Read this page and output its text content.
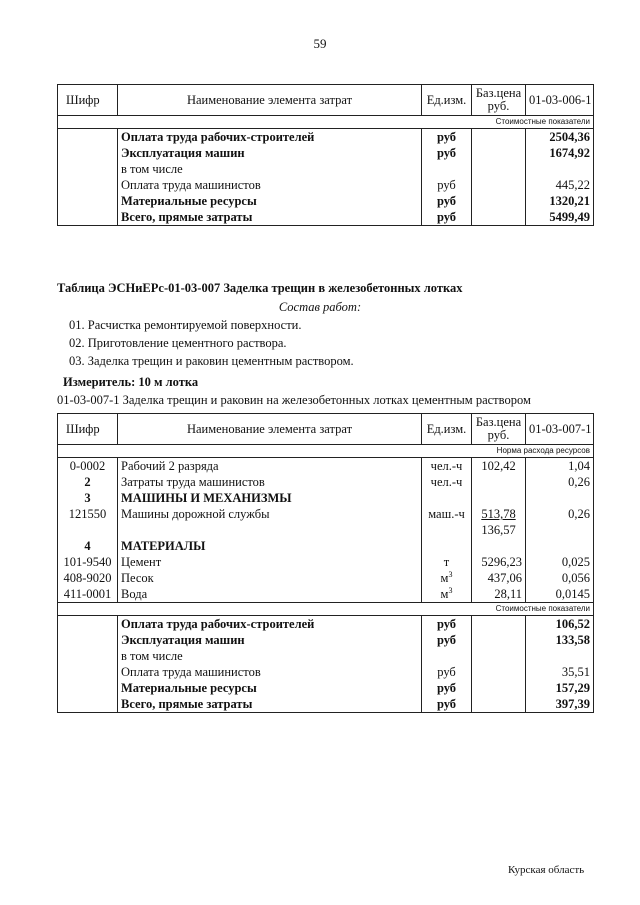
59
Шифр	Наименование элемента затрат	Ед.изм.	Баз.цена руб.	01-03-006-1
Стоимостные показатели				
	Оплата труда рабочих-строителей	руб		2504,36
	Эксплуатация машин	руб		1674,92
	в том числе			
	Оплата труда машинистов	руб		445,22
	Материальные ресурсы	руб		1320,21
	Всего, прямые затраты	руб		5499,49
Таблица ЭСНиЕРс-01-03-007 Заделка трещин в железобетонных лотках
Состав работ:
01. Расчистка ремонтируемой поверхности.
02. Приготовление цементного раствора.
03. Заделка трещин и раковин цементным раствором.
Измеритель: 10 м лотка
01-03-007-1 Заделка трещин и раковин на железобетонных лотках цементным раствором
Шифр	Наименование элемента затрат	Ед.изм.	Баз.цена руб.	01-03-007-1
Норма расхода ресурсов				
0-0002	Рабочий 2 разряда	чел.-ч	102,42	1,04
2	Затраты труда машинистов	чел.-ч		0,26
3	МАШИНЫ И МЕХАНИЗМЫ			
121550	Машины дорожной службы	маш.-ч	513,78	0,26
			136,57	
4	МАТЕРИАЛЫ			
101-9540	Цемент	т	5296,23	0,025
408-9020	Песок	$м^3$	437,06	0,056
411-0001	Вода	$м^3$	28,11	0,0145
Стоимостные показатели				
	Оплата труда рабочих-строителей	руб		106,52
	Эксплуатация машин	руб		133,58
	в том числе			
	Оплата труда машинистов	руб		35,51
	Материальные ресурсы	руб		157,29
	Всего, прямые затраты	руб		397,39
Курская область
